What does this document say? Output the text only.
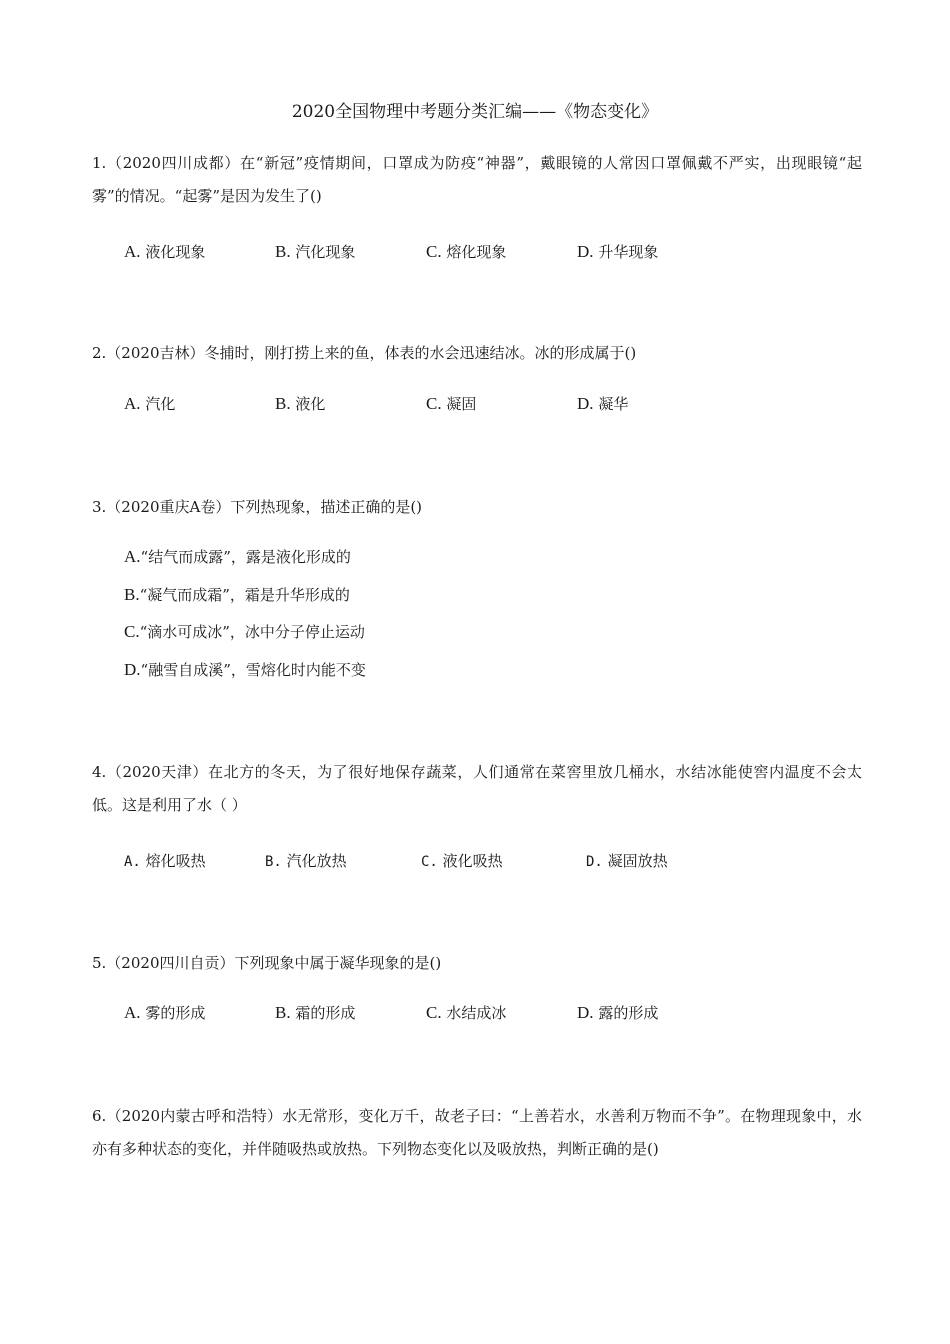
2020全国物理中考题分类汇编——《物态变化》
1.（2020四川成都）在“新冠”疫情期间，口罩成为防疫“神器”，戴眼镜的人常因口罩佩戴不严实，出现眼镜“起雾”的情况。“起雾”是因为发生了()
A. 液化现象	B. 汽化现象	C. 熔化现象	D. 升华现象
2.（2020吉林）冬捕时，刚打捞上来的鱼，体表的水会迅速结冰。冰的形成属于()
A. 汽化	B. 液化	C. 凝固	D. 凝华
3.（2020重庆A卷）下列热现象，描述正确的是()
A.“结气而成露”，露是液化形成的
B.“凝气而成霜”，霜是升华形成的
C.“滴水可成冰”，冰中分子停止运动
D.“融雪自成溪”，雪熔化时内能不变
4.（2020天津）在北方的冬天，为了很好地保存蔬菜，人们通常在菜窖里放几桶水，水结冰能使窖内温度不会太低。这是利用了水（ ）
A. 熔化吸热	B. 汽化放热	C. 液化吸热	D. 凝固放热
5.（2020四川自贡）下列现象中属于凝华现象的是()
A. 雾的形成	B. 霜的形成	C. 水结成冰	D. 露的形成
6.（2020内蒙古呼和浩特）水无常形，变化万千，故老子曰：“上善若水，水善利万物而不争”。在物理现象中，水亦有多种状态的变化，并伴随吸热或放热。下列物态变化以及吸放热，判断正确的是()
